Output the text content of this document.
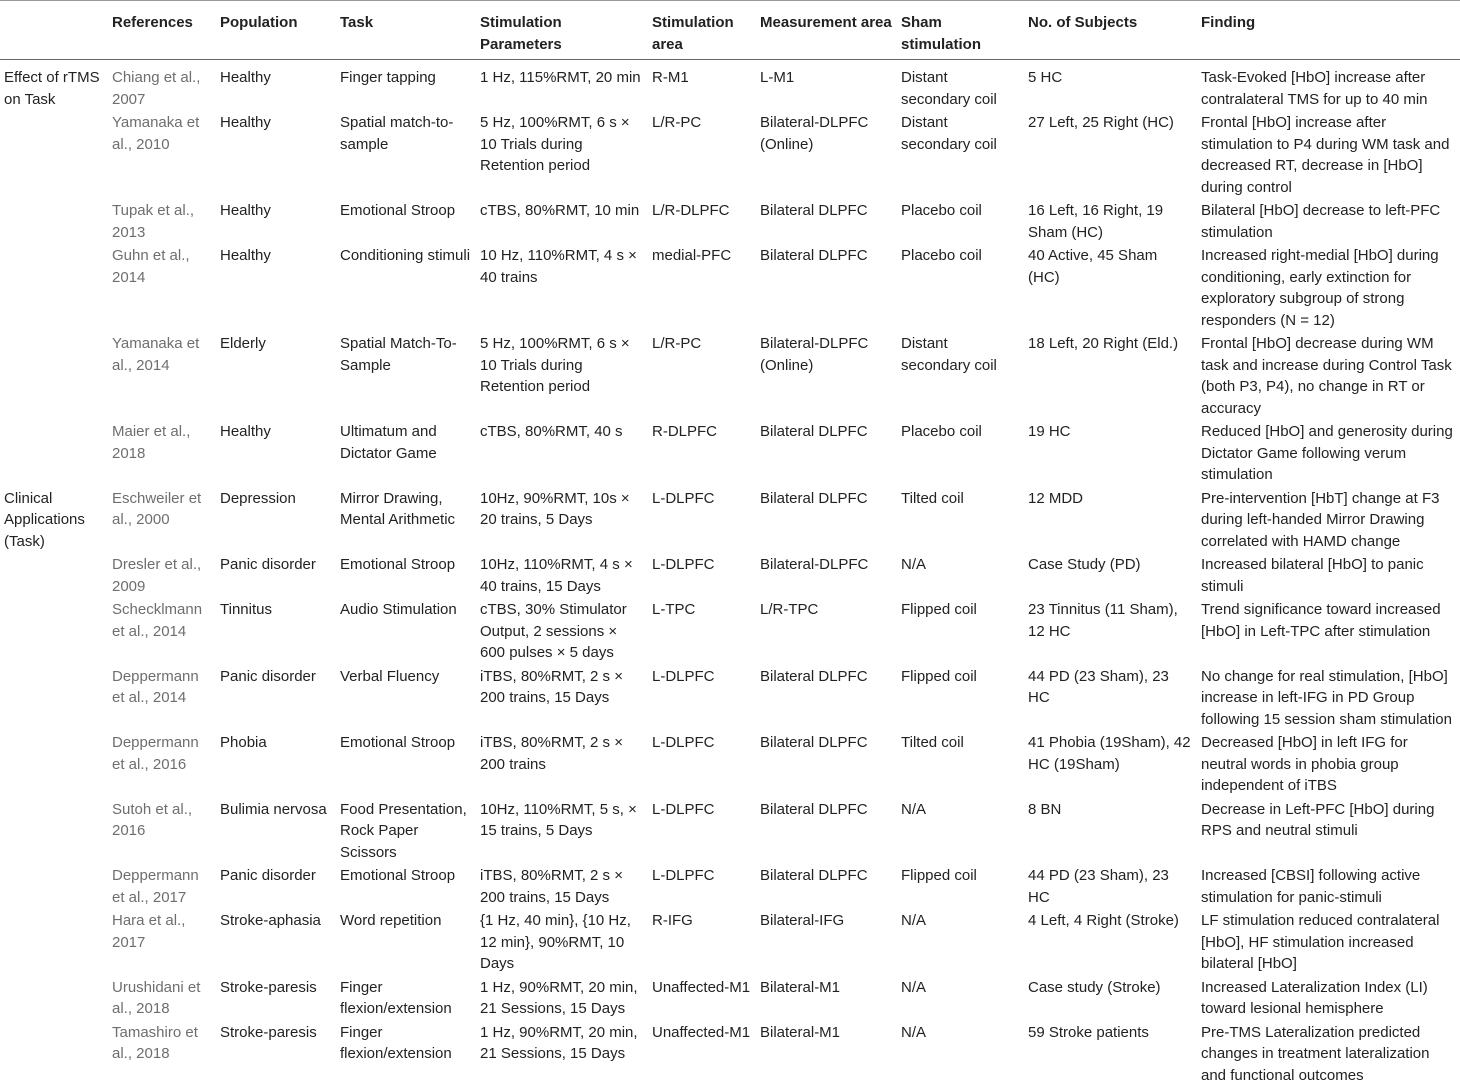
	References	Population	Task	Stimulation Parameters	Stimulation area	Measurement area	Sham stimulation	No. of Subjects	Finding
Effect of rTMS on Task	Chiang et al., 2007	Healthy	Finger tapping	1 Hz, 115%RMT, 20 min	R-M1	L-M1	Distant secondary coil	5 HC	Task-Evoked [HbO] increase after contralateral TMS for up to 40 min
	Yamanaka et al., 2010	Healthy	Spatial match-to-sample	5 Hz, 100%RMT, 6 s × 10 Trials during Retention period	L/R-PC	Bilateral-DLPFC (Online)	Distant secondary coil	27 Left, 25 Right (HC)	Frontal [HbO] increase after stimulation to P4 during WM task and decreased RT, decrease in [HbO] during control
	Tupak et al., 2013	Healthy	Emotional Stroop	cTBS, 80%RMT, 10 min	L/R-DLPFC	Bilateral DLPFC	Placebo coil	16 Left, 16 Right, 19 Sham (HC)	Bilateral [HbO] decrease to left-PFC stimulation
	Guhn et al., 2014	Healthy	Conditioning stimuli	10 Hz, 110%RMT, 4 s × 40 trains	medial-PFC	Bilateral DLPFC	Placebo coil	40 Active, 45 Sham (HC)	Increased right-medial [HbO] during conditioning, early extinction for exploratory subgroup of strong responders (N = 12)
	Yamanaka et al., 2014	Elderly	Spatial Match-To-Sample	5 Hz, 100%RMT, 6 s × 10 Trials during Retention period	L/R-PC	Bilateral-DLPFC (Online)	Distant secondary coil	18 Left, 20 Right (Eld.)	Frontal [HbO] decrease during WM task and increase during Control Task (both P3, P4), no change in RT or accuracy
	Maier et al., 2018	Healthy	Ultimatum and Dictator Game	cTBS, 80%RMT, 40 s	R-DLPFC	Bilateral DLPFC	Placebo coil	19 HC	Reduced [HbO] and generosity during Dictator Game following verum stimulation
Clinical Applications (Task)	Eschweiler et al., 2000	Depression	Mirror Drawing, Mental Arithmetic	10Hz, 90%RMT, 10s × 20 trains, 5 Days	L-DLPFC	Bilateral DLPFC	Tilted coil	12 MDD	Pre-intervention [HbT] change at F3 during left-handed Mirror Drawing correlated with HAMD change
	Dresler et al., 2009	Panic disorder	Emotional Stroop	10Hz, 110%RMT, 4 s × 40 trains, 15 Days	L-DLPFC	Bilateral-DLPFC	N/A	Case Study (PD)	Increased bilateral [HbO] to panic stimuli
	Schecklmann et al., 2014	Tinnitus	Audio Stimulation	cTBS, 30% Stimulator Output, 2 sessions × 600 pulses × 5 days	L-TPC	L/R-TPC	Flipped coil	23 Tinnitus (11 Sham), 12 HC	Trend significance toward increased [HbO] in Left-TPC after stimulation
	Deppermann et al., 2014	Panic disorder	Verbal Fluency	iTBS, 80%RMT, 2 s × 200 trains, 15 Days	L-DLPFC	Bilateral DLPFC	Flipped coil	44 PD (23 Sham), 23 HC	No change for real stimulation, [HbO] increase in left-IFG in PD Group following 15 session sham stimulation
	Deppermann et al., 2016	Phobia	Emotional Stroop	iTBS, 80%RMT, 2 s × 200 trains	L-DLPFC	Bilateral DLPFC	Tilted coil	41 Phobia (19Sham), 42 HC (19Sham)	Decreased [HbO] in left IFG for neutral words in phobia group independent of iTBS
	Sutoh et al., 2016	Bulimia nervosa	Food Presentation, Rock Paper Scissors	10Hz, 110%RMT, 5 s, × 15 trains, 5 Days	L-DLPFC	Bilateral DLPFC	N/A	8 BN	Decrease in Left-PFC [HbO] during RPS and neutral stimuli
	Deppermann et al., 2017	Panic disorder	Emotional Stroop	iTBS, 80%RMT, 2 s × 200 trains, 15 Days	L-DLPFC	Bilateral DLPFC	Flipped coil	44 PD (23 Sham), 23 HC	Increased [CBSI] following active stimulation for panic-stimuli
	Hara et al., 2017	Stroke-aphasia	Word repetition	{1 Hz, 40 min}, {10 Hz, 12 min}, 90%RMT, 10 Days	R-IFG	Bilateral-IFG	N/A	4 Left, 4 Right (Stroke)	LF stimulation reduced contralateral [HbO], HF stimulation increased bilateral [HbO]
	Urushidani et al., 2018	Stroke-paresis	Finger flexion/extension	1 Hz, 90%RMT, 20 min, 21 Sessions, 15 Days	Unaffected-M1	Bilateral-M1	N/A	Case study (Stroke)	Increased Lateralization Index (LI) toward lesional hemisphere
	Tamashiro et al., 2018	Stroke-paresis	Finger flexion/extension	1 Hz, 90%RMT, 20 min, 21 Sessions, 15 Days	Unaffected-M1	Bilateral-M1	N/A	59 Stroke patients	Pre-TMS Lateralization predicted changes in treatment lateralization and functional outcomes
